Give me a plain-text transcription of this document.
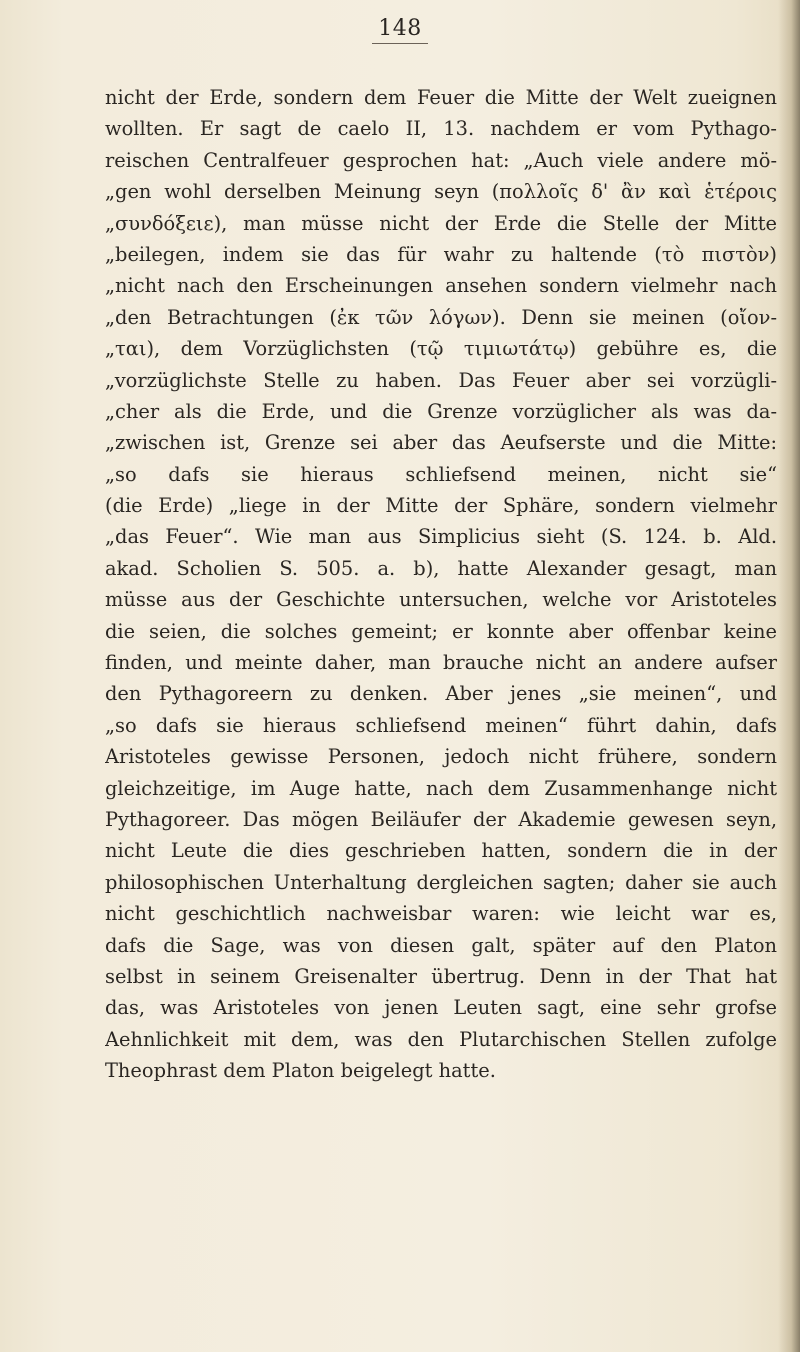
148
nicht der Erde, sondern dem Feuer die Mitte der Welt zueignen
wollten. Er sagt de caelo II, 13. nachdem er vom Pythago-
reischen Centralfeuer gesprochen hat: „Auch viele andere mö-
„gen wohl derselben Meinung seyn (πολλοῖς δ' ἂν καὶ ἑτέροις
„συνδόξειε), man müsse nicht der Erde die Stelle der Mitte
„beilegen, indem sie das für wahr zu haltende (τὸ πιστὸν)
„nicht nach den Erscheinungen ansehen sondern vielmehr nach
„den Betrachtungen (ἐκ τῶν λόγων). Denn sie meinen (οἴον-
„ται), dem Vorzüglichsten (τῷ τιμιωτάτῳ) gebühre es, die
„vorzüglichste Stelle zu haben. Das Feuer aber sei vorzügli-
„cher als die Erde, und die Grenze vorzüglicher als was da-
„zwischen ist, Grenze sei aber das Aeufserste und die Mitte:
„so dafs sie hieraus schliefsend meinen, nicht sie“
(die Erde) „liege in der Mitte der Sphäre, sondern vielmehr
„das Feuer“. Wie man aus Simplicius sieht (S. 124. b. Ald.
akad. Scholien S. 505. a. b), hatte Alexander gesagt, man
müsse aus der Geschichte untersuchen, welche vor Aristoteles
die seien, die solches gemeint; er konnte aber offenbar keine
finden, und meinte daher, man brauche nicht an andere aufser
den Pythagoreern zu denken. Aber jenes „sie meinen“, und
„so dafs sie hieraus schliefsend meinen“ führt dahin, dafs
Aristoteles gewisse Personen, jedoch nicht frühere, sondern
gleichzeitige, im Auge hatte, nach dem Zusammenhange nicht
Pythagoreer. Das mögen Beiläufer der Akademie gewesen seyn,
nicht Leute die dies geschrieben hatten, sondern die in der
philosophischen Unterhaltung dergleichen sagten; daher sie auch
nicht geschichtlich nachweisbar waren: wie leicht war es,
dafs die Sage, was von diesen galt, später auf den Platon
selbst in seinem Greisenalter übertrug. Denn in der That hat
das, was Aristoteles von jenen Leuten sagt, eine sehr grofse
Aehnlichkeit mit dem, was den Plutarchischen Stellen zufolge
Theophrast dem Platon beigelegt hatte.
